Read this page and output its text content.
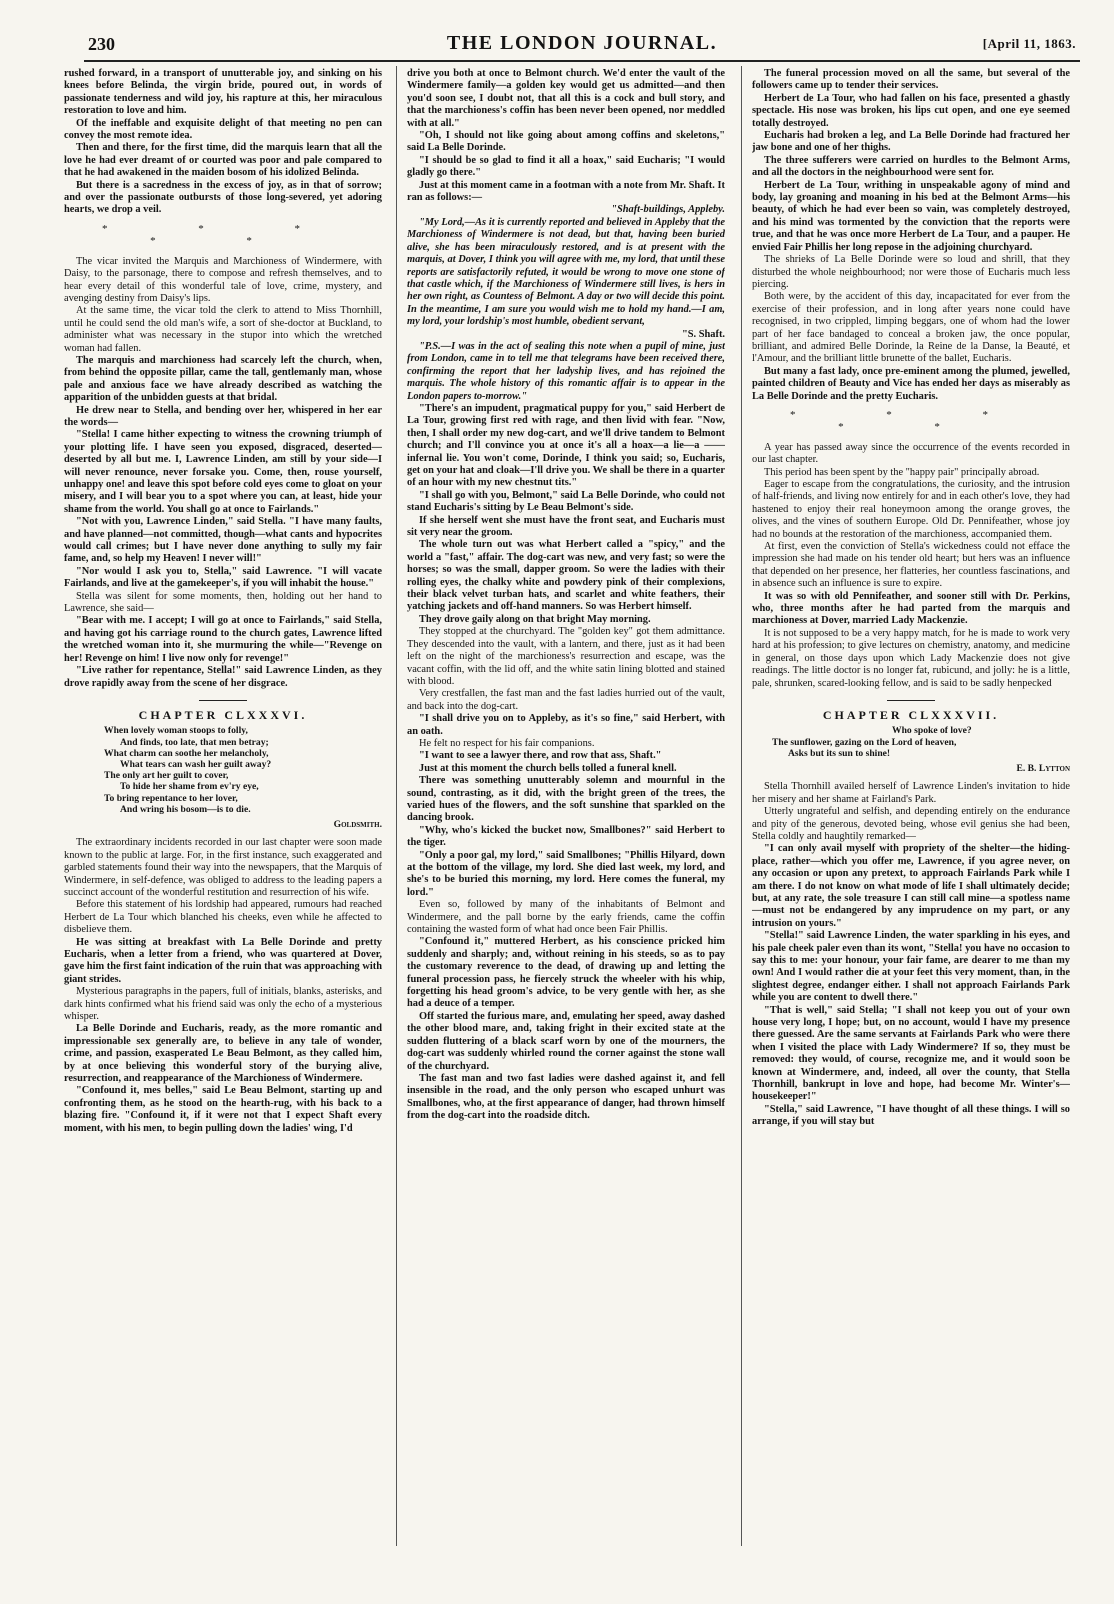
230	THE LONDON JOURNAL.	[April 11, 1863.

rushed forward, in a transport of unutterable joy, and sinking on his knees before Belinda, the virgin bride, poured out, in words of passionate tenderness and wild joy, his rapture at this, her miraculous restoration to love and him.

Of the ineffable and exquisite delight of that meeting no pen can convey the most remote idea.

Then and there, for the first time, did the marquis learn that all the love he had ever dreamt of or courted was poor and pale compared to that he had awakened in the maiden bosom of his idolized Belinda.

But there is a sacredness in the excess of joy, as in that of sorrow; and over the passionate outbursts of those long-severed, yet adoring hearts, we drop a veil.

* * * * *

The vicar invited the Marquis and Marchioness of Windermere, with Daisy, to the parsonage, there to compose and refresh themselves, and to hear every detail of this wonderful tale of love, crime, mystery, and avenging destiny from Daisy's lips.

At the same time, the vicar told the clerk to attend to Miss Thornhill, until he could send the old man's wife, a sort of she-doctor at Buckland, to administer what was necessary in the stupor into which the wretched woman had fallen.

The marquis and marchioness had scarcely left the church, when, from behind the opposite pillar, came the tall, gentlemanly man, whose pale and anxious face we have already described as watching the apparition of the unbidden guests at that bridal.

He drew near to Stella, and bending over her, whispered in her ear the words—

"Stella! I came hither expecting to witness the crowning triumph of your plotting life. I have seen you exposed, disgraced, deserted—deserted by all but me. I, Lawrence Linden, am still by your side—I will never renounce, never forsake you. Come, then, rouse yourself, unhappy one! and leave this spot before cold eyes come to gloat on your misery, and I will bear you to a spot where you can, at least, hide your shame from the world. You shall go at once to Fairlands."

"Not with you, Lawrence Linden," said Stella. "I have many faults, and have planned—not committed, though—what cants and hypocrites would call crimes; but I have never done anything to sully my fair fame, and, so help my Heaven! I never will!"

"Nor would I ask you to, Stella," said Lawrence. "I will vacate Fairlands, and live at the gamekeeper's, if you will inhabit the house."

Stella was silent for some moments, then, holding out her hand to Lawrence, she said—

"Bear with me. I accept; I will go at once to Fairlands," said Stella, and having got his carriage round to the church gates, Lawrence lifted the wretched woman into it, she murmuring the while—"Revenge on her! Revenge on him! I live now only for revenge!"

"Live rather for repentance, Stella!" said Lawrence Linden, as they drove rapidly away from the scene of her disgrace.

CHAPTER CLXXXVI.
When lovely woman stoops to folly,
And finds, too late, that men betray;
What charm can soothe her melancholy,
What tears can wash her guilt away?
The only art her guilt to cover,
To hide her shame from ev'ry eye,
To bring repentance to her lover,
And wring his bosom—is to die.
Goldsmith.

The extraordinary incidents recorded in our last chapter were soon made known to the public at large. For, in the first instance, such exaggerated and garbled statements found their way into the newspapers, that the Marquis of Windermere, in self-defence, was obliged to address to the leading papers a succinct account of the wonderful restitution and resurrection of his wife.

Before this statement of his lordship had appeared, rumours had reached Herbert de La Tour which blanched his cheeks, even while he affected to disbelieve them.

He was sitting at breakfast with La Belle Dorinde and pretty Eucharis, when a letter from a friend, who was quartered at Dover, gave him the first faint indication of the ruin that was approaching with giant strides.

Mysterious paragraphs in the papers, full of initials, blanks, asterisks, and dark hints confirmed what his friend said was only the echo of a mysterious whisper.

La Belle Dorinde and Eucharis, ready, as the more romantic and impressionable sex generally are, to believe in any tale of wonder, crime, and passion, exasperated Le Beau Belmont, as they called him, by at once believing this wonderful story of the burying alive, resurrection, and reappearance of the Marchioness of Windermere.

"Confound it, mes belles," said Le Beau Belmont, starting up and confronting them, as he stood on the hearth-rug, with his back to a blazing fire. "Confound it, if it were not that I expect Shaft every moment, with his men, to begin pulling down the ladies' wing, I'd

drive you both at once to Belmont church. We'd enter the vault of the Windermere family—a golden key would get us admitted—and then you'd soon see, I doubt not, that all this is a cock and bull story, and that the marchioness's coffin has been never been opened, nor meddled with at all."

"Oh, I should not like going about among coffins and skeletons," said La Belle Dorinde.

"I should be so glad to find it all a hoax," said Eucharis; "I would gladly go there."

Just at this moment came in a footman with a note from Mr. Shaft. It ran as follows:—

"Shaft-buildings, Appleby.

"My Lord,—As it is currently reported and believed in Appleby that the Marchioness of Windermere is not dead, but that, having been buried alive, she has been miraculously restored, and is at present with the marquis, at Dover, I think you will agree with me, my lord, that until these reports are satisfactorily refuted, it would be wrong to move one stone of that castle which, if the Marchioness of Windermere still lives, is hers in her own right, as Countess of Belmont. A day or two will decide this point. In the meantime, I am sure you would wish me to hold my hand.—I am, my lord, your lordship's most humble, obedient servant,

"S. Shaft.

"P.S.—I was in the act of sealing this note when a pupil of mine, just from London, came in to tell me that telegrams have been received there, confirming the report that her ladyship lives, and has rejoined the marquis. The whole history of this romantic affair is to appear in the London papers to-morrow."

"There's an impudent, pragmatical puppy for you," said Herbert de La Tour, growing first red with rage, and then livid with fear. "Now, then, I shall order my new dog-cart, and we'll drive tandem to Belmont church; and I'll convince you at once it's all a hoax—a lie—a —— infernal lie. You won't come, Dorinde, I think you said; so, Eucharis, get on your hat and cloak—I'll drive you. We shall be there in a quarter of an hour with my new chestnut tits."

"I shall go with you, Belmont," said La Belle Dorinde, who could not stand Eucharis's sitting by Le Beau Belmont's side.

If she herself went she must have the front seat, and Eucharis must sit very near the groom.

The whole turn out was what Herbert called a "spicy," and the world a "fast," affair. The dog-cart was new, and very fast; so were the horses; so was the small, dapper groom. So were the ladies with their rolling eyes, the chalky white and powdery pink of their complexions, their black velvet turban hats, and scarlet and white feathers, their yatching jackets and off-hand manners. So was Herbert himself.

They drove gaily along on that bright May morning.

They stopped at the churchyard. The "golden key" got them admittance. They descended into the vault, with a lantern, and there, just as it had been left on the night of the marchioness's resurrection and escape, was the vacant coffin, with the lid off, and the white satin lining blotted and stained with blood.

Very crestfallen, the fast man and the fast ladies hurried out of the vault, and back into the dog-cart.

"I shall drive you on to Appleby, as it's so fine," said Herbert, with an oath.

He felt no respect for his fair companions.

"I want to see a lawyer there, and row that ass, Shaft."

Just at this moment the church bells tolled a funeral knell.

There was something unutterably solemn and mournful in the sound, contrasting, as it did, with the bright green of the trees, the varied hues of the flowers, and the soft sunshine that sparkled on the dancing brook.

"Why, who's kicked the bucket now, Smallbones?" said Herbert to the tiger.

"Only a poor gal, my lord," said Smallbones; "Phillis Hilyard, down at the bottom of the village, my lord. She died last week, my lord, and she's to be buried this morning, my lord. Here comes the funeral, my lord."

Even so, followed by many of the inhabitants of Belmont and Windermere, and the pall borne by the early friends, came the coffin containing the wasted form of what had once been Fair Phillis.

"Confound it," muttered Herbert, as his conscience pricked him suddenly and sharply; and, without reining in his steeds, so as to pay the customary reverence to the dead, of drawing up and letting the funeral procession pass, he fiercely struck the wheeler with his whip, forgetting his head groom's advice, to be very gentle with her, as she had a deuce of a temper.

Off started the furious mare, and, emulating her speed, away dashed the other blood mare, and, taking fright in their excited state at the sudden fluttering of a black scarf worn by one of the mourners, the dog-cart was suddenly whirled round the corner against the stone wall of the churchyard.

The fast man and two fast ladies were dashed against it, and fell insensible in the road, and the only person who escaped unhurt was Smallbones, who, at the first appearance of danger, had thrown himself from the dog-cart into the roadside ditch.

The funeral procession moved on all the same, but several of the followers came up to tender their services.

Herbert de La Tour, who had fallen on his face, presented a ghastly spectacle. His nose was broken, his lips cut open, and one eye seemed totally destroyed.

Eucharis had broken a leg, and La Belle Dorinde had fractured her jaw bone and one of her thighs.

The three sufferers were carried on hurdles to the Belmont Arms, and all the doctors in the neighbourhood were sent for.

Herbert de La Tour, writhing in unspeakable agony of mind and body, lay groaning and moaning in his bed at the Belmont Arms—his beauty, of which he had ever been so vain, was completely destroyed, and his mind was tormented by the conviction that the reports were true, and that he was once more Herbert de La Tour, and a pauper. He envied Fair Phillis her long repose in the adjoining churchyard.

The shrieks of La Belle Dorinde were so loud and shrill, that they disturbed the whole neighbourhood; nor were those of Eucharis much less piercing.

Both were, by the accident of this day, incapacitated for ever from the exercise of their profession, and in long after years none could have recognised, in two crippled, limping beggars, one of whom had the lower part of her face bandaged to conceal a broken jaw, the once popular, brilliant, and admired Belle Dorinde, la Reine de la Danse, la Beauté, et l'Amour, and the brilliant little brunette of the ballet, Eucharis.

But many a fast lady, once pre-eminent among the plumed, jewelled, painted children of Beauty and Vice has ended her days as miserably as La Belle Dorinde and the pretty Eucharis.

* * * * *

A year has passed away since the occurrence of the events recorded in our last chapter.

This period has been spent by the "happy pair" principally abroad.

Eager to escape from the congratulations, the curiosity, and the intrusion of half-friends, and living now entirely for and in each other's love, they had hastened to enjoy their real honeymoon among the orange groves, the olives, and the vines of southern Europe. Old Dr. Pennifeather, whose joy had no bounds at the restoration of the marchioness, accompanied them.

At first, even the conviction of Stella's wickedness could not efface the impression she had made on his tender old heart; but hers was an influence that depended on her presence, her flatteries, her countless fascinations, and in absence such an influence is sure to expire.

It was so with old Pennifeather, and sooner still with Dr. Perkins, who, three months after he had parted from the marquis and marchioness at Dover, married Lady Mackenzie.

It is not supposed to be a very happy match, for he is made to work very hard at his profession; to give lectures on chemistry, anatomy, and medicine in general, on those days upon which Lady Mackenzie does not give readings. The little doctor is no longer fat, rubicund, and jolly: he is a little, pale, shrunken, scared-looking fellow, and is said to be sadly henpecked

CHAPTER CLXXXVII.
Who spoke of love?
The sunflower, gazing on the Lord of heaven,
Asks but its sun to shine!
E. B. Lytton

Stella Thornhill availed herself of Lawrence Linden's invitation to hide her misery and her shame at Fairland's Park.

Utterly ungrateful and selfish, and depending entirely on the endurance and pity of the generous, devoted being, whose evil genius she had been, Stella coldly and haughtily remarked—

"I can only avail myself with propriety of the shelter—the hiding-place, rather—which you offer me, Lawrence, if you agree never, on any occasion or upon any pretext, to approach Fairlands Park while I am there. I do not know on what mode of life I shall ultimately decide; but, at any rate, the sole treasure I can still call mine—a spotless name—must not be endangered by any imprudence on my part, or any intrusion on yours."

"Stella!" said Lawrence Linden, the water sparkling in his eyes, and his pale cheek paler even than its wont, "Stella! you have no occasion to say this to me: your honour, your fair fame, are dearer to me than my own! And I would rather die at your feet this very moment, than, in the slightest degree, endanger either. I shall not approach Fairlands Park while you are content to dwell there."

"That is well," said Stella; "I shall not keep you out of your own house very long, I hope; but, on no account, would I have my presence there guessed. Are the same servants at Fairlands Park who were there when I visited the place with Lady Windermere? If so, they must be removed: they would, of course, recognize me, and it would soon be known at Windermere, and, indeed, all over the county, that Stella Thornhill, bankrupt in love and hope, had become Mr. Winter's—housekeeper!"

"Stella," said Lawrence, "I have thought of all these things. I will so arrange, if you will stay but
